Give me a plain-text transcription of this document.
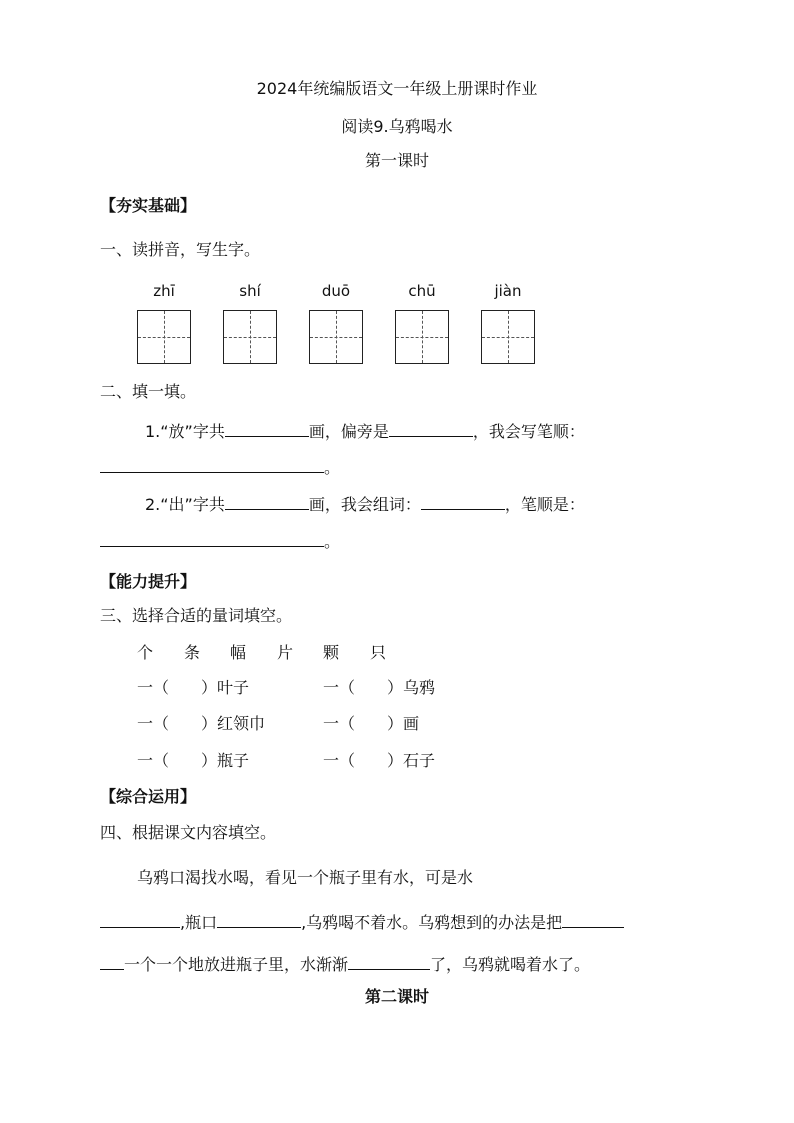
2024年统编版语文一年级上册课时作业
阅读9.乌鸦喝水
第一课时
【夯实基础】
一、读拼音，写生字。
zhī	shí	duō	chū	jiàn
二、填一填。
1.“放”字共	画，偏旁是	，我会写笔顺：
。
2.“出”字共	画，我会组词：	，笔顺是：
。
【能力提升】
三、选择合适的量词填空。
个 条 幅 片 颗 只
一（　　）叶子	一（　　）乌鸦
一（　　）红领巾	一（　　）画
一（　　）瓶子	一（　　）石子
【综合运用】
四、根据课文内容填空。
乌鸦口渴找水喝，看见一个瓶子里有水，可是水
,瓶口	,乌鸦喝不着水。乌鸦想到的办法是把
一个一个地放进瓶子里，水渐渐	了，乌鸦就喝着水了。
第二课时
